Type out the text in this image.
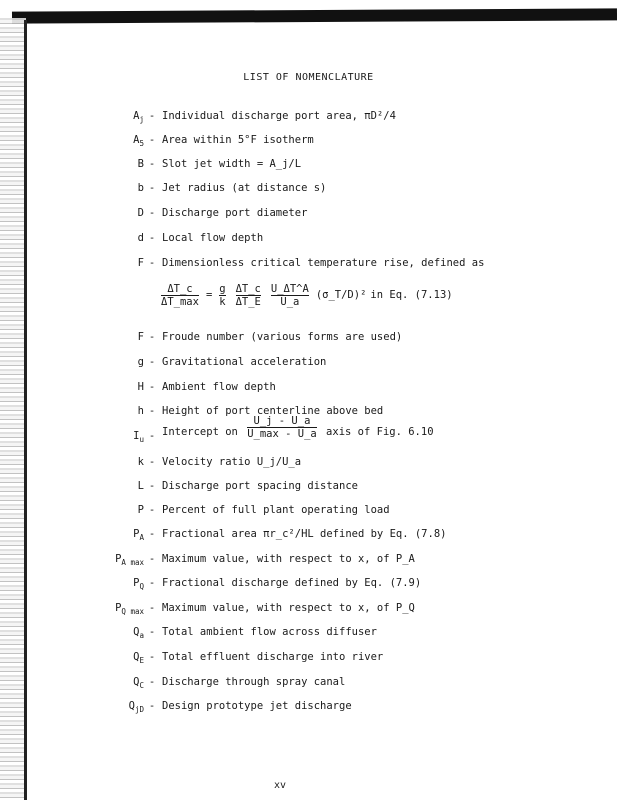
LIST OF NOMENCLATURE
$A_j$ - Individual discharge port area, πD²/4
$A_5$ - Area within 5°F isotherm
B - Slot jet width = A_j/L
b - Jet radius (at distance s)
D - Discharge port diameter
d - Local flow depth
F - Dimensionless critical temperature rise, defined as
F - Froude number (various forms are used)
g - Gravitational acceleration
H - Ambient flow depth
h - Height of port centerline above bed
$I_u$ - Intercept on $\frac{U\_j - U\_a}{U\_\max - U\_a}$ axis of Fig. 6.10
k - Velocity ratio U_j/U_a
L - Discharge port spacing distance
P - Percent of full plant operating load
$P_A$ - Fractional area πr_c²/HL defined by Eq. (7.8)
$P_{A max}$ - Maximum value, with respect to x, of P_A
$P_Q$ - Fractional discharge defined by Eq. (7.9)
$P_{Q max}$ - Maximum value, with respect to x, of P_Q
$Q_a$ - Total ambient flow across diffuser
$Q_E$ - Total effluent discharge into river
$Q_C$ - Discharge through spray canal
$Q_{jD}$ - Design prototype jet discharge
$\frac{\Delta T\_c}{\Delta T\_\max} = \frac{g}{k} \frac{\Delta T\_c}{\Delta T\_E} \frac{U\_\Delta T\^{}A}{U\_a}$ (σ_T/D)² in Eq. (7.13)
xv
